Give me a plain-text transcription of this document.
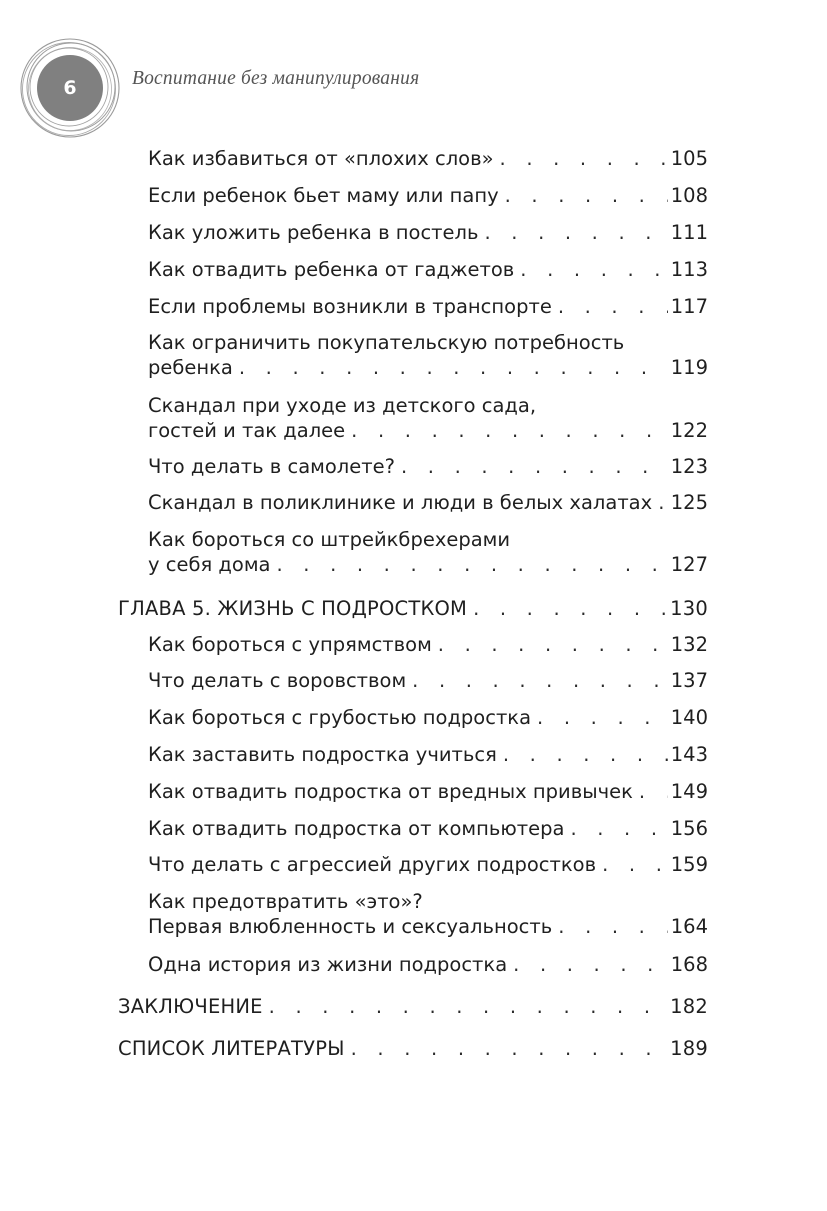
6	Воспитание без манипулирования
Как избавиться от «плохих слов» . . .	105
Если ребенок бьет маму или папу . . .	108
Как уложить ребенка в постель . . .	111
Как отвадить ребенка от гаджетов . . .	113
Если проблемы возникли в транспорте . . .	117
Как ограничить покупательскую потребность
ребенка . . .	119
Скандал при уходе из детского сада,
гостей и так далее . . .	122
Что делать в самолете? . . .	123
Скандал в поликлинике и люди в белых халатах . . . 125
Как бороться со штрейкбрехерами
у себя дома . . .	127
ГЛАВА 5. ЖИЗНЬ С ПОДРОСТКОМ . . .	130
Как бороться с упрямством . . .	132
Что делать с воровством . . .	137
Как бороться с грубостью подростка . . .	140
Как заставить подростка учиться . . .	143
Как отвадить подростка от вредных привычек . . . 149
Как отвадить подростка от компьютера . . .	156
Что делать с агрессией других подростков . . .	159
Как предотвратить «это»?
Первая влюбленность и сексуальность . . .	164
Одна история из жизни подростка . . .	168
ЗАКЛЮЧЕНИЕ . . .	182
СПИСОК ЛИТЕРАТУРЫ . . .	189
